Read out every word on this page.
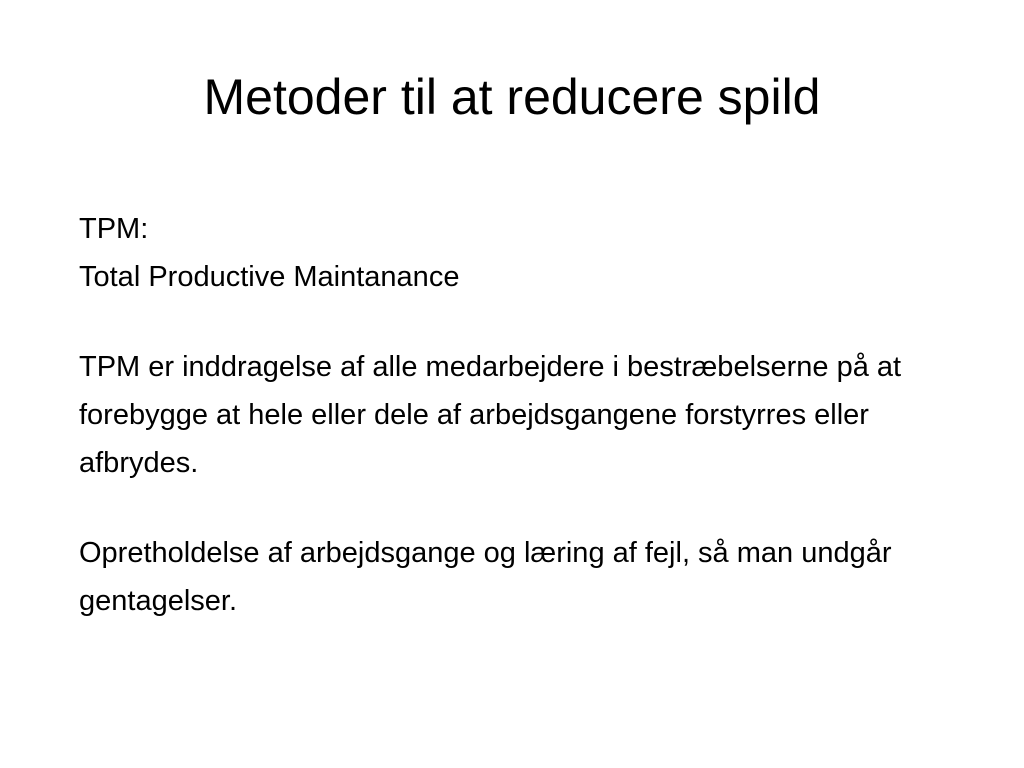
Metoder til at reducere spild

TPM:

Total Productive Maintanance

TPM er inddragelse af alle medarbejdere i bestræbelserne på at forebygge at hele eller dele af arbejdsgangene forstyrres eller afbrydes.

Opretholdelse af arbejdsgange og læring af fejl, så man undgår gentagelser.
